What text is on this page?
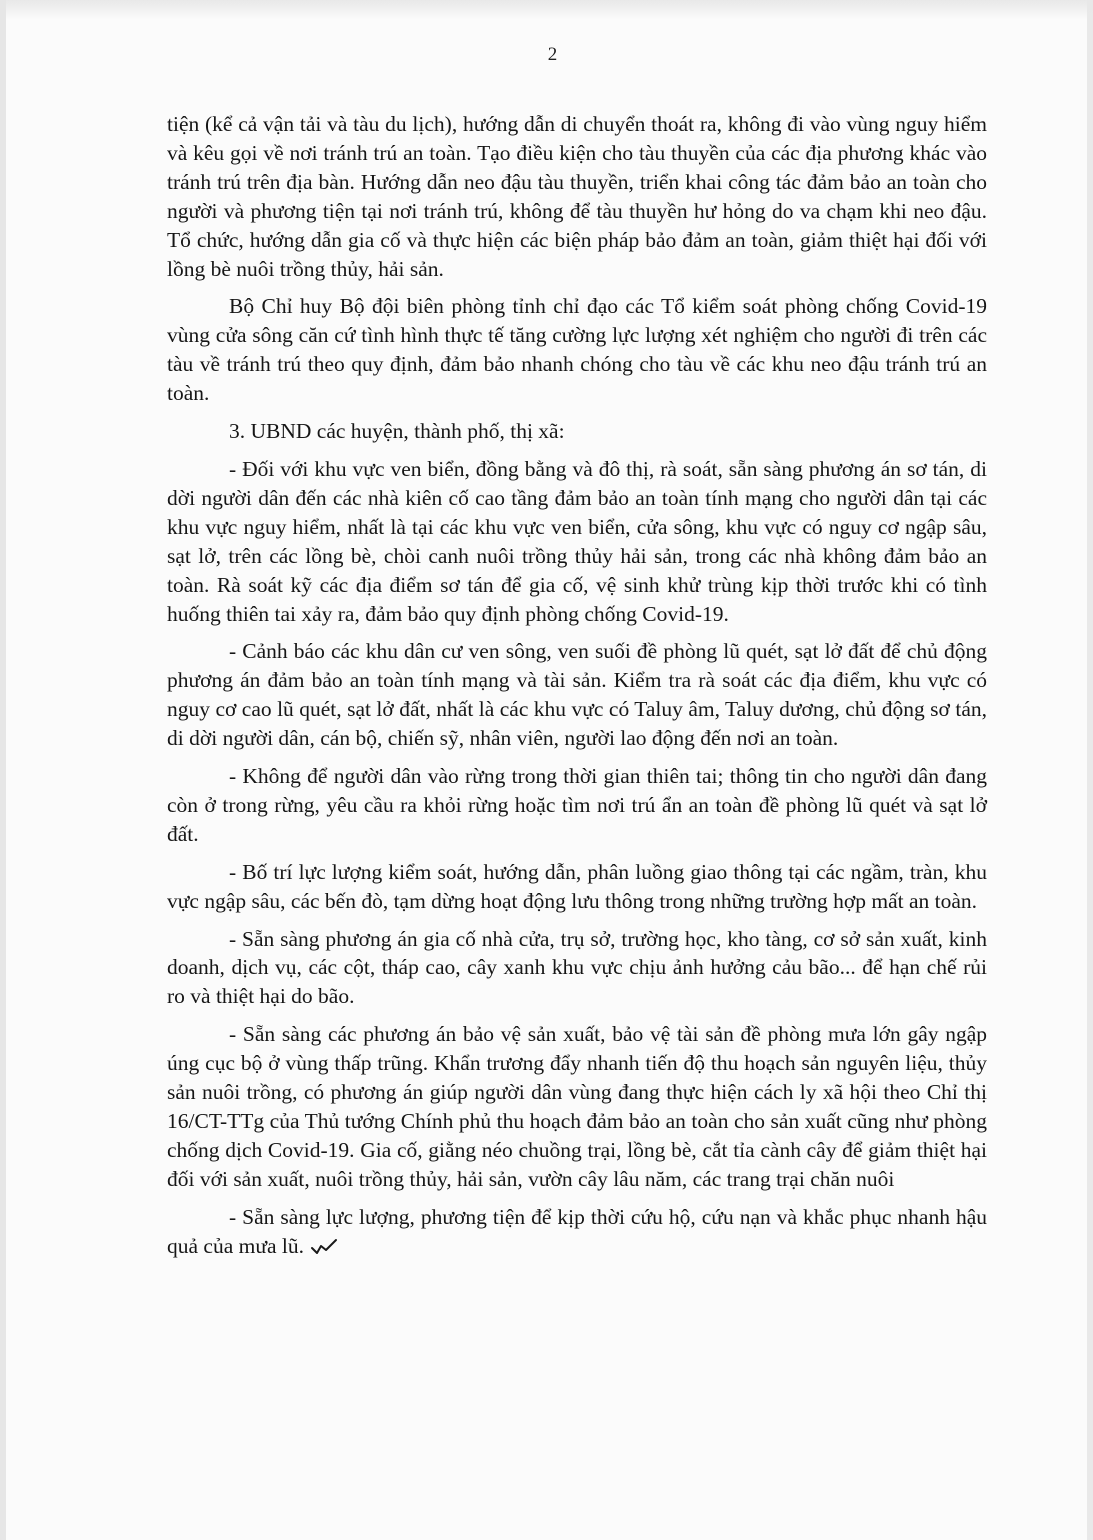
2

tiện (kể cả vận tải và tàu du lịch), hướng dẫn di chuyển thoát ra, không đi vào vùng nguy hiểm và kêu gọi về nơi tránh trú an toàn. Tạo điều kiện cho tàu thuyền của các địa phương khác vào tránh trú trên địa bàn. Hướng dẫn neo đậu tàu thuyền, triển khai công tác đảm bảo an toàn cho người và phương tiện tại nơi tránh trú, không để tàu thuyền hư hỏng do va chạm khi neo đậu. Tổ chức, hướng dẫn gia cố và thực hiện các biện pháp bảo đảm an toàn, giảm thiệt hại đối với lồng bè nuôi trồng thủy, hải sản.

Bộ Chỉ huy Bộ đội biên phòng tỉnh chỉ đạo các Tổ kiểm soát phòng chống Covid-19 vùng cửa sông căn cứ tình hình thực tế tăng cường lực lượng xét nghiệm cho người đi trên các tàu về tránh trú theo quy định, đảm bảo nhanh chóng cho tàu về các khu neo đậu tránh trú an toàn.

3. UBND các huyện, thành phố, thị xã:

- Đối với khu vực ven biển, đồng bằng và đô thị, rà soát, sẵn sàng phương án sơ tán, di dời người dân đến các nhà kiên cố cao tầng đảm bảo an toàn tính mạng cho người dân tại các khu vực nguy hiểm, nhất là tại các khu vực ven biển, cửa sông, khu vực có nguy cơ ngập sâu, sạt lở, trên các lồng bè, chòi canh nuôi trồng thủy hải sản, trong các nhà không đảm bảo an toàn. Rà soát kỹ các địa điểm sơ tán để gia cố, vệ sinh khử trùng kịp thời trước khi có tình huống thiên tai xảy ra, đảm bảo quy định phòng chống Covid-19.

- Cảnh báo các khu dân cư ven sông, ven suối đề phòng lũ quét, sạt lở đất để chủ động phương án đảm bảo an toàn tính mạng và tài sản. Kiểm tra rà soát các địa điểm, khu vực có nguy cơ cao lũ quét, sạt lở đất, nhất là các khu vực có Taluy âm, Taluy dương, chủ động sơ tán, di dời người dân, cán bộ, chiến sỹ, nhân viên, người lao động đến nơi an toàn.

- Không để người dân vào rừng trong thời gian thiên tai; thông tin cho người dân đang còn ở trong rừng, yêu cầu ra khỏi rừng hoặc tìm nơi trú ẩn an toàn đề phòng lũ quét và sạt lở đất.

- Bố trí lực lượng kiểm soát, hướng dẫn, phân luồng giao thông tại các ngầm, tràn, khu vực ngập sâu, các bến đò, tạm dừng hoạt động lưu thông trong những trường hợp mất an toàn.

- Sẵn sàng phương án gia cố nhà cửa, trụ sở, trường học, kho tàng, cơ sở sản xuất, kinh doanh, dịch vụ, các cột, tháp cao, cây xanh khu vực chịu ảnh hưởng cảu bão... để hạn chế rủi ro và thiệt hại do bão.

- Sẵn sàng các phương án bảo vệ sản xuất, bảo vệ tài sản đề phòng mưa lớn gây ngập úng cục bộ ở vùng thấp trũng. Khẩn trương đẩy nhanh tiến độ thu hoạch sản nguyên liệu, thủy sản nuôi trồng, có phương án giúp người dân vùng đang thực hiện cách ly xã hội theo Chỉ thị 16/CT-TTg của Thủ tướng Chính phủ thu hoạch đảm bảo an toàn cho sản xuất cũng như phòng chống dịch Covid-19. Gia cố, giằng néo chuồng trại, lồng bè, cắt tỉa cành cây để giảm thiệt hại đối với sản xuất, nuôi trồng thủy, hải sản, vườn cây lâu năm, các trang trại chăn nuôi

- Sẵn sàng lực lượng, phương tiện để kịp thời cứu hộ, cứu nạn và khắc phục nhanh hậu quả của mưa lũ.
